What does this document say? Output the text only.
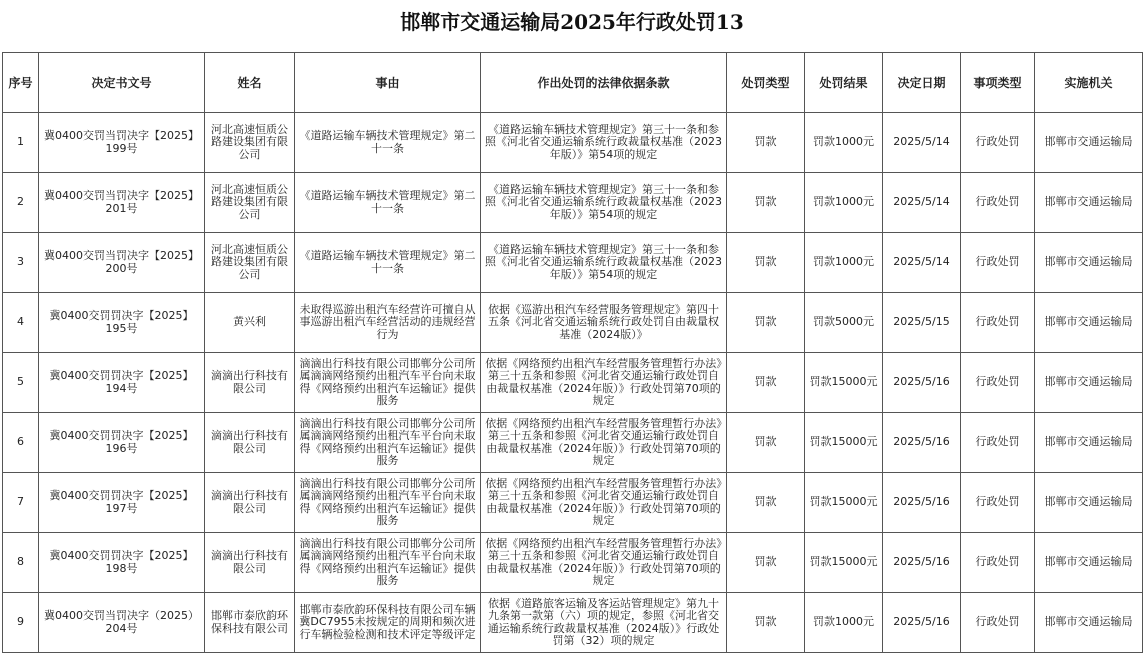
邯郸市交通运输局2025年行政处罚13
序号	决定书文号	姓名	事由	作出处罚的法律依据条款	处罚类型	处罚结果	决定日期	事项类型	实施机关
1	冀0400交罚当罚决字【2025】199号	河北高速恒质公路建设集团有限公司	《道路运输车辆技术管理规定》第二十一条	《道路运输车辆技术管理规定》第三十一条和参照《河北省交通运输系统行政裁量权基准（2023年版）》第54项的规定	罚款	罚款1000元	2025/5/14	行政处罚	邯郸市交通运输局
2	冀0400交罚当罚决字【2025】201号	河北高速恒质公路建设集团有限公司	《道路运输车辆技术管理规定》第二十一条	《道路运输车辆技术管理规定》第三十一条和参照《河北省交通运输系统行政裁量权基准（2023年版）》第54项的规定	罚款	罚款1000元	2025/5/14	行政处罚	邯郸市交通运输局
3	冀0400交罚当罚决字【2025】200号	河北高速恒质公路建设集团有限公司	《道路运输车辆技术管理规定》第二十一条	《道路运输车辆技术管理规定》第三十一条和参照《河北省交通运输系统行政裁量权基准（2023年版）》第54项的规定	罚款	罚款1000元	2025/5/14	行政处罚	邯郸市交通运输局
4	冀0400交罚罚决字【2025】195号	黄兴利	未取得巡游出租汽车经营许可擅自从事巡游出租汽车经营活动的违规经营行为	依据《巡游出租汽车经营服务管理规定》第四十五条《河北省交通运输系统行政处罚自由裁量权基准（2024版）》	罚款	罚款5000元	2025/5/15	行政处罚	邯郸市交通运输局
5	冀0400交罚罚决字【2025】194号	滴滴出行科技有限公司	滴滴出行科技有限公司邯郸分公司所属滴滴网络预约出租汽车平台向未取得《网络预约出租汽车运输证》提供服务	依据《网络预约出租汽车经营服务管理暂行办法》第三十五条和参照《河北省交通运输行政处罚自由裁量权基准（2024年版）》行政处罚第70项的规定	罚款	罚款15000元	2025/5/16	行政处罚	邯郸市交通运输局
6	冀0400交罚罚决字【2025】196号	滴滴出行科技有限公司	滴滴出行科技有限公司邯郸分公司所属滴滴网络预约出租汽车平台向未取得《网络预约出租汽车运输证》提供服务	依据《网络预约出租汽车经营服务管理暂行办法》第三十五条和参照《河北省交通运输行政处罚自由裁量权基准（2024年版）》行政处罚第70项的规定	罚款	罚款15000元	2025/5/16	行政处罚	邯郸市交通运输局
7	冀0400交罚罚决字【2025】197号	滴滴出行科技有限公司	滴滴出行科技有限公司邯郸分公司所属滴滴网络预约出租汽车平台向未取得《网络预约出租汽车运输证》提供服务	依据《网络预约出租汽车经营服务管理暂行办法》第三十五条和参照《河北省交通运输行政处罚自由裁量权基准（2024年版）》行政处罚第70项的规定	罚款	罚款15000元	2025/5/16	行政处罚	邯郸市交通运输局
8	冀0400交罚罚决字【2025】198号	滴滴出行科技有限公司	滴滴出行科技有限公司邯郸分公司所属滴滴网络预约出租汽车平台向未取得《网络预约出租汽车运输证》提供服务	依据《网络预约出租汽车经营服务管理暂行办法》第三十五条和参照《河北省交通运输行政处罚自由裁量权基准（2024年版）》行政处罚第70项的规定	罚款	罚款15000元	2025/5/16	行政处罚	邯郸市交通运输局
9	冀0400交罚当罚决字（2025）204号	邯郸市泰欣韵环保科技有限公司	邯郸市泰欣韵环保科技有限公司车辆冀DC7955未按规定的周期和频次进行车辆检验检测和技术评定等级评定	依据《道路旅客运输及客运站管理规定》第九十九条第一款第（六）项的规定，参照《河北省交通运输系统行政裁量权基准（2024版）》行政处罚第（32）项的规定	罚款	罚款1000元	2025/5/16	行政处罚	邯郸市交通运输局
